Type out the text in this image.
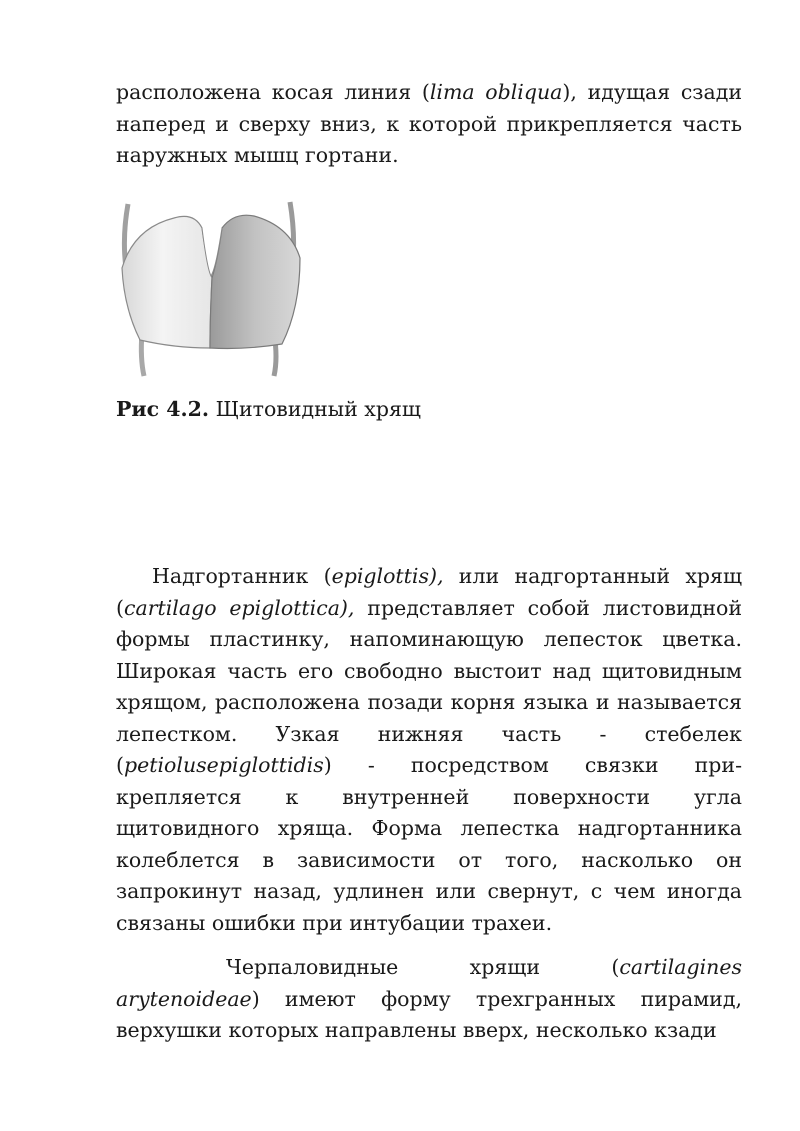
расположена косая линия (lima obliqua), идущая сзади
наперед и сверху вниз, к которой прикрепляется часть
наружных мышц гортани.

Рис 4.2. Щитовидный хрящ

Надгортанник (epiglottis), или надгортанный хрящ (cartilago epiglottica), представляет собой листовидной формы пластинку, напоминающую лепесток цветка. Широкая часть его свободно выстоит над щитовидным хрящом, расположена позади корня языка и называется лепестком. Узкая нижняя часть - стебелек (petiolusepiglottidis) - посредством связки при-крепляется к внутренней поверхности угла щитовидного хряща. Форма лепестка надгортанника колеблется в зависимости от того, насколько он запрокинут назад, удлинен или свернут, с чем иногда связаны ошибки при интубации трахеи.

Черпаловидные хрящи (cartilagines arytenoideae) имеют форму трехгранных пирамид, верхушки которых направлены вверх, несколько кзади
